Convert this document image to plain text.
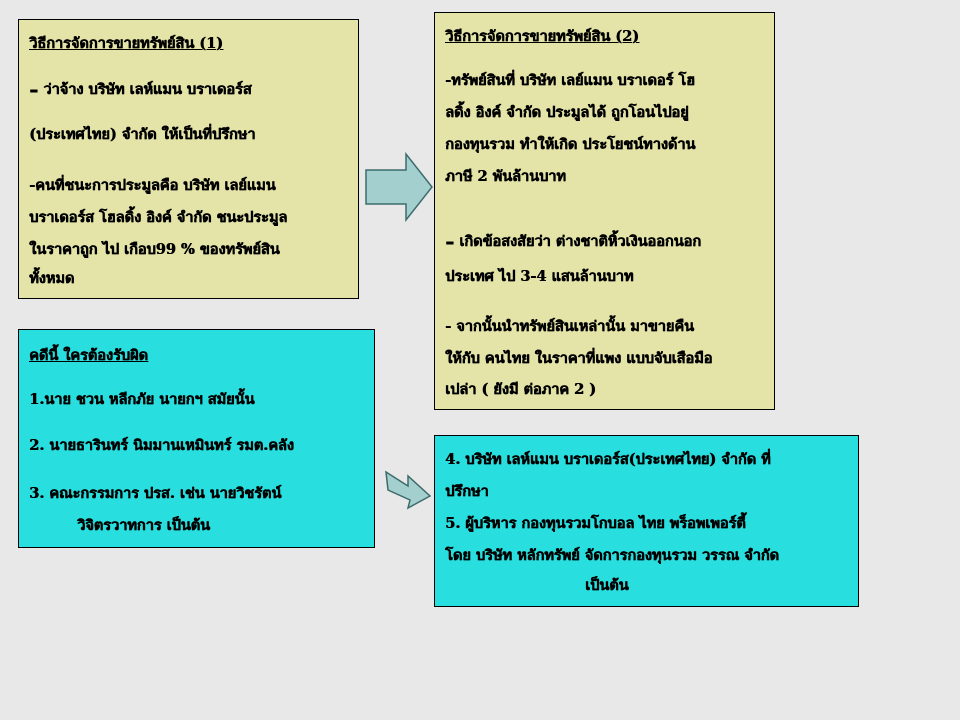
วิธีการจัดการขายทรัพย์สิน (1)
- ว่าจ้าง บริษัท เลห์แมน บราเดอร์ส
(ประเทศไทย) จำกัด ให้เป็นที่ปรึกษา
-คนที่ชนะการประมูลคือ บริษัท เลย์แมน
บราเดอร์ส โฮลดิ้ง อิงค์ จำกัด ชนะประมูล
ในราคาถูก ไป เกือบ99 % ของทรัพย์สิน
ทั้งหมด
วิธีการจัดการขายทรัพย์สิน (2)
-ทรัพย์สินที่ บริษัท เลย์แมน บราเดอร์ โฮ
ลดิ้ง อิงค์ จำกัด ประมูลได้ ถูกโอนไปอยู่
กองทุนรวม ทำให้เกิด ประโยชน์ทางด้าน
ภาษี 2 พันล้านบาท
- เกิดข้อสงสัยว่า ต่างชาติหิ้วเงินออกนอก
ประเทศ ไป 3-4 แสนล้านบาท
- จากนั้นนำทรัพย์สินเหล่านั้น มาขายคืน
ให้กับ คนไทย ในราคาที่แพง แบบจับเสือมือ
เปล่า ( ยังมี ต่อภาค 2 )
คดีนี้ ใครต้องรับผิด
1.นาย ชวน หลีกภัย นายกฯ สมัยนั้น
2. นายธารินทร์ นิมมานเหมินทร์ รมต.คลัง
3. คณะกรรมการ ปรส. เช่น นายวิชรัตน์
วิจิตรวาทการ เป็นต้น
4. บริษัท เลห์แมน บราเดอร์ส(ประเทศไทย) จำกัด ที่
ปรึกษา
5. ผู้บริหาร กองทุนรวมโกบอล ไทย พร็อพเพอร์ตี้
โดย บริษัท หลักทรัพย์ จัดการกองทุนรวม วรรณ จำกัด
เป็นต้น
